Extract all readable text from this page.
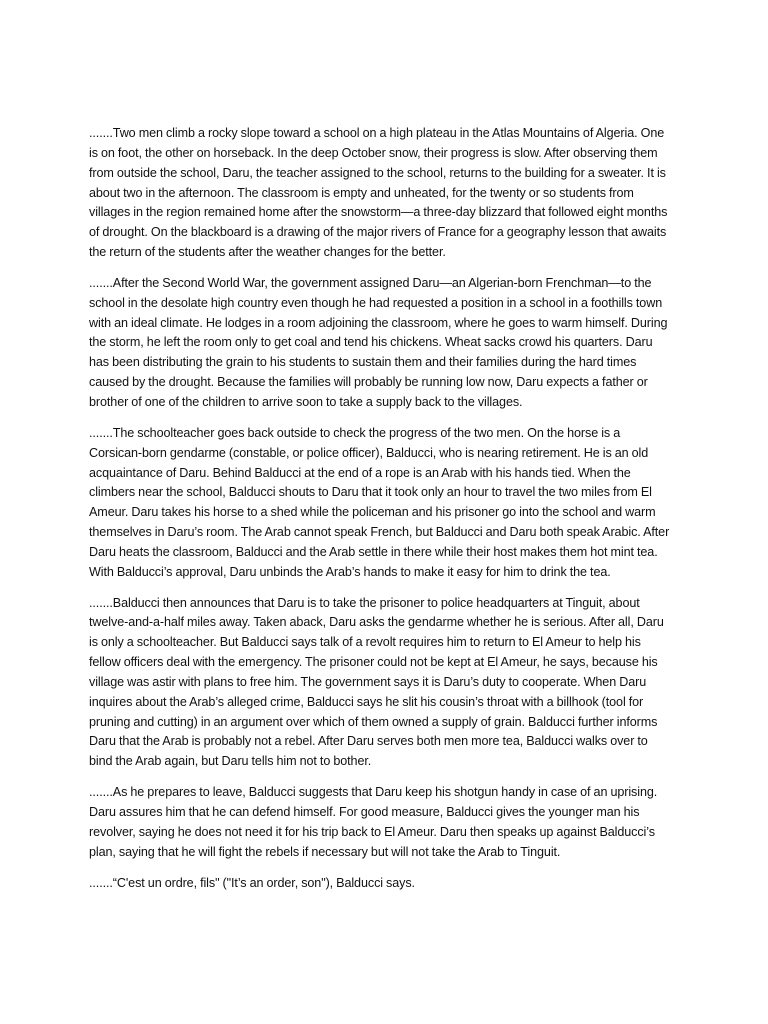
.......Two men climb a rocky slope toward a school on a high plateau in the Atlas Mountains of Algeria. One is on foot, the other on horseback. In the deep October snow, their progress is slow. After observing them from outside the school, Daru, the teacher assigned to the school, returns to the building for a sweater. It is about two in the afternoon. The classroom is empty and unheated, for the twenty or so students from villages in the region remained home after the snowstorm—a three-day blizzard that followed eight months of drought. On the blackboard is a drawing of the major rivers of France for a geography lesson that awaits the return of the students after the weather changes for the better.

.......After the Second World War, the government assigned Daru—an Algerian-born Frenchman—to the school in the desolate high country even though he had requested a position in a school in a foothills town with an ideal climate. He lodges in a room adjoining the classroom, where he goes to warm himself. During the storm, he left the room only to get coal and tend his chickens. Wheat sacks crowd his quarters. Daru has been distributing the grain to his students to sustain them and their families during the hard times caused by the drought. Because the families will probably be running low now, Daru expects a father or brother of one of the children to arrive soon to take a supply back to the villages.

.......The schoolteacher goes back outside to check the progress of the two men. On the horse is a Corsican-born gendarme (constable, or police officer), Balducci, who is nearing retirement. He is an old acquaintance of Daru. Behind Balducci at the end of a rope is an Arab with his hands tied. When the climbers near the school, Balducci shouts to Daru that it took only an hour to travel the two miles from El Ameur. Daru takes his horse to a shed while the policeman and his prisoner go into the school and warm themselves in Daru’s room. The Arab cannot speak French, but Balducci and Daru both speak Arabic. After Daru heats the classroom, Balducci and the Arab settle in there while their host makes them hot mint tea. With Balducci’s approval, Daru unbinds the Arab’s hands to make it easy for him to drink the tea.

.......Balducci then announces that Daru is to take the prisoner to police headquarters at Tinguit, about twelve-and-a-half miles away. Taken aback, Daru asks the gendarme whether he is serious. After all, Daru is only a schoolteacher. But Balducci says talk of a revolt requires him to return to El Ameur to help his fellow officers deal with the emergency. The prisoner could not be kept at El Ameur, he says, because his village was astir with plans to free him. The government says it is Daru’s duty to cooperate. When Daru inquires about the Arab’s alleged crime, Balducci says he slit his cousin’s throat with a billhook (tool for pruning and cutting) in an argument over which of them owned a supply of grain. Balducci further informs Daru that the Arab is probably not a rebel. After Daru serves both men more tea, Balducci walks over to bind the Arab again, but Daru tells him not to bother.

.......As he prepares to leave, Balducci suggests that Daru keep his shotgun handy in case of an uprising. Daru assures him that he can defend himself. For good measure, Balducci gives the younger man his revolver, saying he does not need it for his trip back to El Ameur. Daru then speaks up against Balducci’s plan, saying that he will fight the rebels if necessary but will not take the Arab to Tinguit.

.......“C'est un ordre, fils" ("It’s an order, son"), Balducci says.
